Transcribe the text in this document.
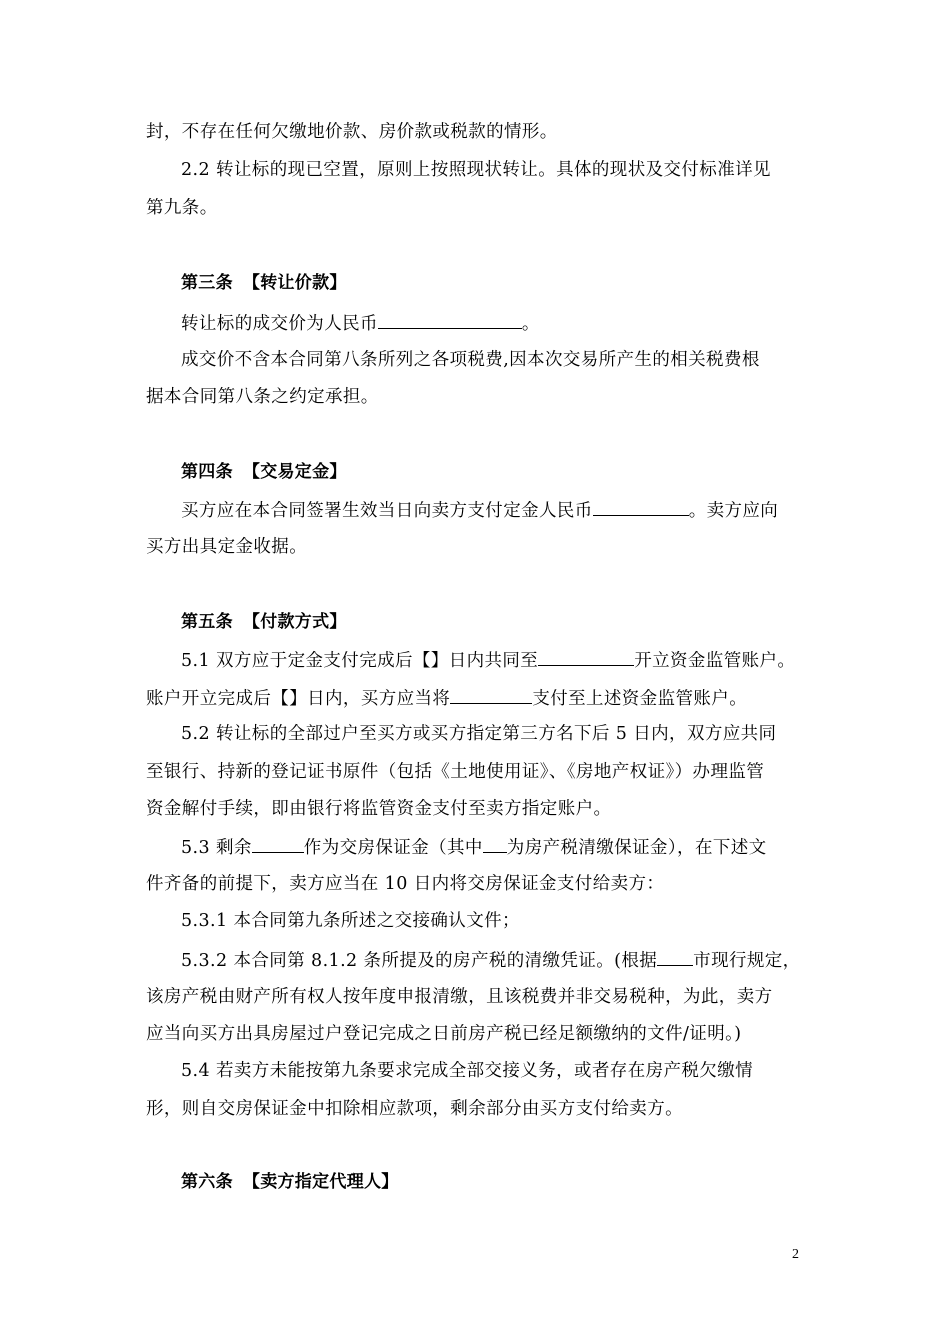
封，不存在任何欠缴地价款、房价款或税款的情形。
2.2 转让标的现已空置，原则上按照现状转让。具体的现状及交付标准详见
第九条。
第三条 【转让价款】
转让标的成交价为人民币	。
成交价不含本合同第八条所列之各项税费,因本次交易所产生的相关税费根
据本合同第八条之约定承担。
第四条 【交易定金】
买方应在本合同签署生效当日向卖方支付定金人民币	。卖方应向
买方出具定金收据。
第五条 【付款方式】
5.1 双方应于定金支付完成后【】日内共同至	开立资金监管账户。
账户开立完成后【】日内，买方应当将	支付至上述资金监管账户。
5.2 转让标的全部过户至买方或买方指定第三方名下后 5 日内，双方应共同
至银行、持新的登记证书原件（包括《土地使用证》、《房地产权证》）办理监管
资金解付手续，即由银行将监管资金支付至卖方指定账户。
5.3 剩余	作为交房保证金（其中 为房产税清缴保证金），在下述文
件齐备的前提下，卖方应当在 10 日内将交房保证金支付给卖方：
5.3.1 本合同第九条所述之交接确认文件；
5.3.2 本合同第 8.1.2 条所提及的房产税的清缴凭证。(根据 市现行规定，
该房产税由财产所有权人按年度申报清缴，且该税费并非交易税种，为此，卖方
应当向买方出具房屋过户登记完成之日前房产税已经足额缴纳的文件/证明。)
5.4 若卖方未能按第九条要求完成全部交接义务，或者存在房产税欠缴情
形，则自交房保证金中扣除相应款项，剩余部分由买方支付给卖方。
第六条 【卖方指定代理人】
2
